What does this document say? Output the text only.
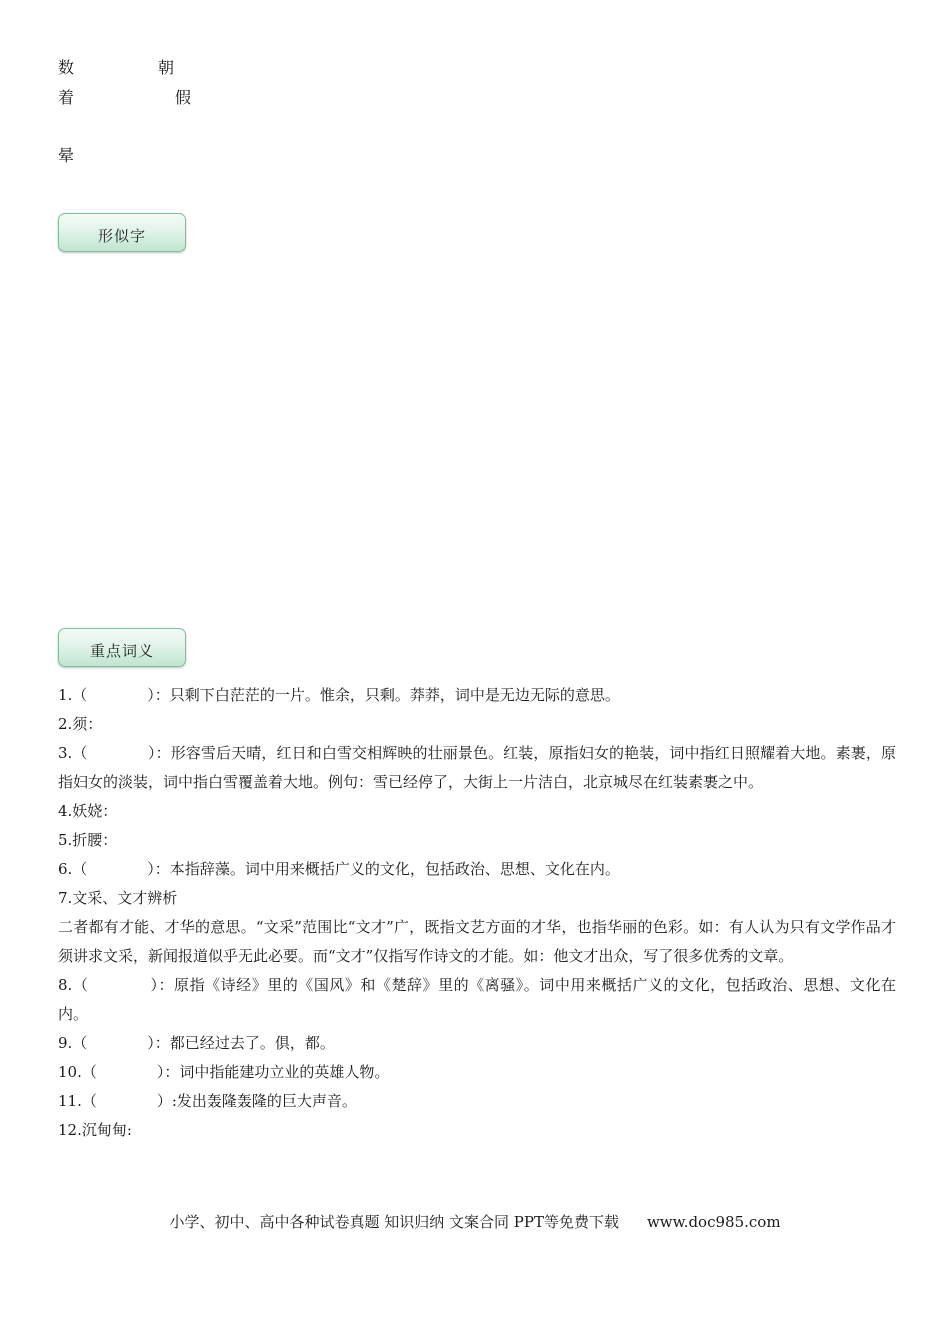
数	朝
着	假
晕
形似字
重点词义

1.（　　　　）：只剩下白茫茫的一片。惟余，只剩。莽莽，词中是无边无际的意思。

2.须：

3.（　　　　）：形容雪后天晴，红日和白雪交相辉映的壮丽景色。红装，原指妇女的艳装，词中指红日照耀着大地。素裹，原指妇女的淡装，词中指白雪覆盖着大地。例句：雪已经停了，大街上一片洁白，北京城尽在红装素裹之中。

4.妖娆：

5.折腰：

6.（　　　　）：本指辞藻。词中用来概括广义的文化，包括政治、思想、文化在内。

7.文采、文才辨析

二者都有才能、才华的意思。“文采”范围比“文才”广，既指文艺方面的才华，也指华丽的色彩。如：有人认为只有文学作品才须讲求文采，新闻报道似乎无此必要。而“文才”仅指写作诗文的才能。如：他文才出众，写了很多优秀的文章。

8.（　　　　）：原指《诗经》里的《国风》和《楚辞》里的《离骚》。词中用来概括广义的文化，包括政治、思想、文化在内。

9.（　　　　）：都已经过去了。俱，都。

10.（　　　　）：词中指能建功立业的英雄人物。

11.（　　　　）:发出轰隆轰隆的巨大声音。

12.沉甸甸:

小学、初中、高中各种试卷真题 知识归纳 文案合同 PPT等免费下载 www.doc985.com
